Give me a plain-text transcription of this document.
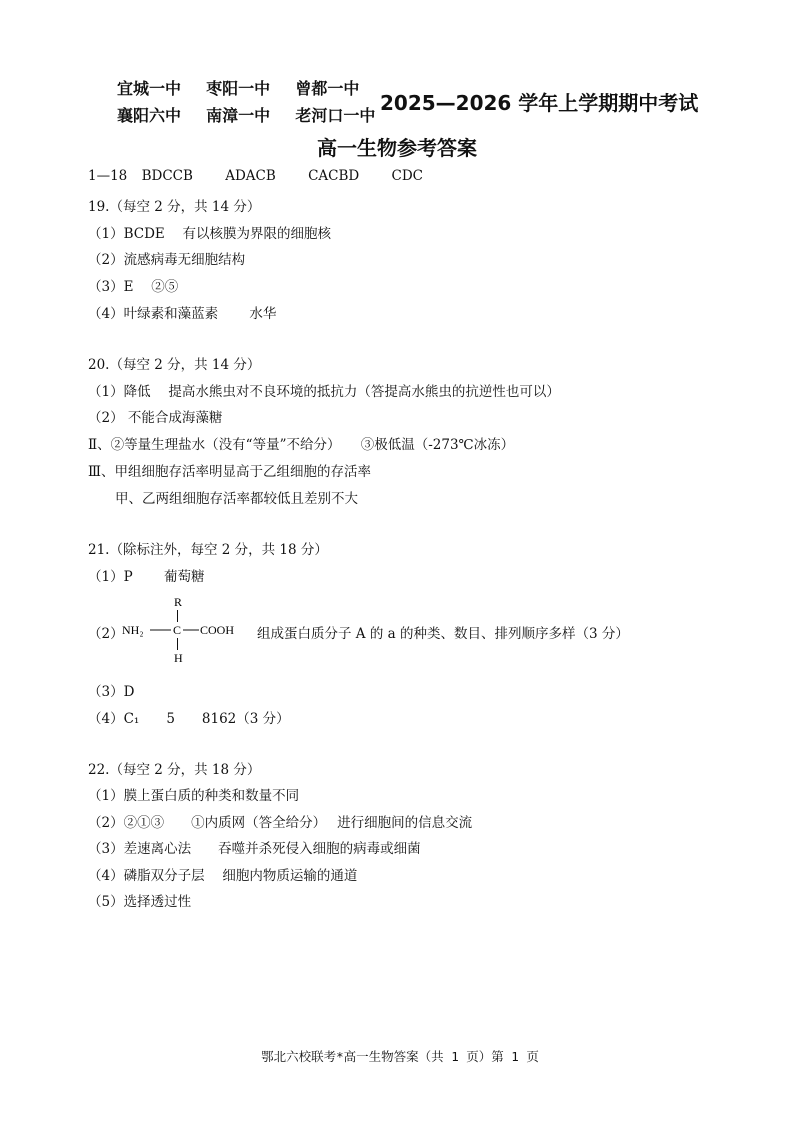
宜城一中 枣阳一中 曾都一中
襄阳六中 南漳一中 老河口一中
2025—2026 学年上学期期中考试
高一生物参考答案
1—18 BDCCB ADACB CACBD CDC
19.（每空 2 分，共 14 分）
（1）BCDE　 有以核膜为界限的细胞核
（2）流感病毒无细胞结构
（3）E　 ②⑤
（4）叶绿素和藻蓝素　　 水华
20.（每空 2 分，共 14 分）
（1）降低　 提高水熊虫对不良环境的抵抗力（答提高水熊虫的抗逆性也可以）
（2） 不能合成海藻糖
Ⅱ、②等量生理盐水（没有“等量”不给分）　　③极低温（-273℃冰冻）
Ⅲ、甲组细胞存活率明显高于乙组细胞的存活率
　　甲、乙两组细胞存活率都较低且差别不大
21.（除标注外，每空 2 分，共 18 分）
（1）P　　 葡萄糖
（2）
R
NH₂ C COOH
H
组成蛋白质分子 A 的 a 的种类、数目、排列顺序多样（3 分）
（3）D
（4）C₁　　5　　8162（3 分）
22.（每空 2 分，共 18 分）
（1）膜上蛋白质的种类和数量不同
（2）②①③　　①内质网（答全给分）　 进行细胞间的信息交流
（3）差速离心法　　吞噬并杀死侵入细胞的病毒或细菌
（4）磷脂双分子层　 细胞内物质运输的通道
（5）选择透过性
鄂北六校联考*高一生物答案（共 1 页）第 1 页
